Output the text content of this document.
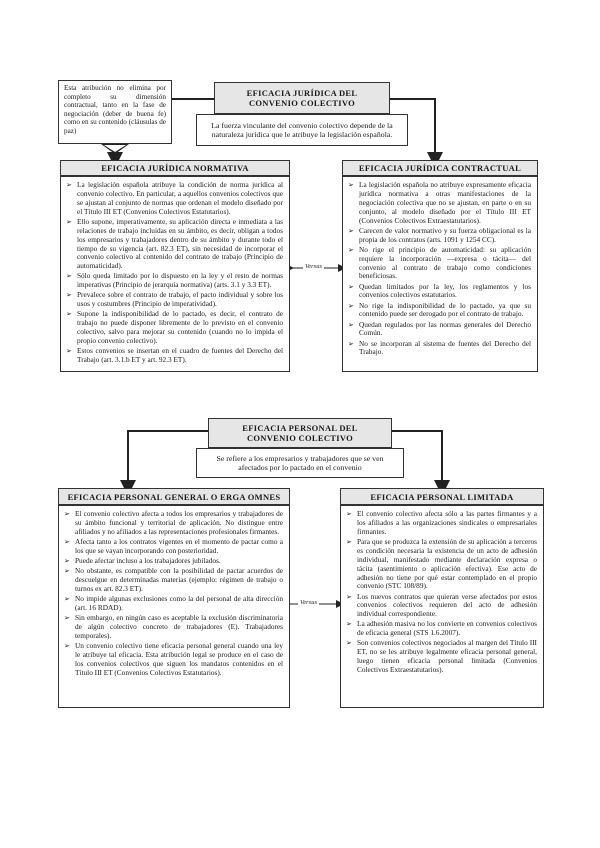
Esta atribución no elimina por completo su dimensión contractual, tanto en la fase de negociación (deber de buena fe) como en su contenido (cláusulas de paz)
EFICACIA JURÍDICA DEL CONVENIO COLECTIVO
La fuerza vinculante del convenio colectivo depende de la naturaleza jurídica que le atribuye la legislación española.
EFICACIA JURÍDICA NORMATIVA
➢ La legislación española atribuye la condición de norma jurídica al convenio colectivo. En particular, a aquellos convenios colectivos que se ajustan al conjunto de normas que ordenan el modelo diseñado por el Título III ET (Convenios Colectivos Estatutarios).
➢ Ello supone, imperativamente, su aplicación directa e inmediata a las relaciones de trabajo incluidas en su ámbito, es decir, obligan a todos los empresarios y trabajadores dentro de su ámbito y durante todo el tiempo de su vigencia (art. 82.3 ET), sin necesidad de incorporar el convenio colectivo al contenido del contrato de trabajo (Principio de automaticidad).
➢ Sólo queda limitado por lo dispuesto en la ley y el resto de normas imperativas (Principio de jerarquía normativa) (arts. 3.1 y 3.3 ET).
➢ Prevalece sobre el contrato de trabajo, el pacto individual y sobre los usos y costumbres (Principio de imperatividad).
➢ Supone la indisponibilidad de lo pactado, es decir, el contrato de trabajo no puede disponer libremente de lo previsto en el convenio colectivo, salvo para mejorar su contenido (cuando no lo impida el propio convenio colectivo).
➢ Estos convenios se insertan en el cuadro de fuentes del Derecho del Trabajo (art. 3.1.b ET y art. 92.3 ET).
EFICACIA JURÍDICA CONTRACTUAL
➢ La legislación española no atribuye expresamente eficacia jurídica normativa a otras manifestaciones de la negociación colectiva que no se ajustan, en parte o en su conjunto, al modelo diseñado por el Título III ET (Convenios Colectivos Extraestatutarios).
➢ Carecen de valor normativo y su fuerza obligacional es la propia de los contratos (arts. 1091 y 1254 CC).
➢ No rige el principio de automaticidad: su aplicación requiere la incorporación —expresa o tácita— del convenio al contrato de trabajo como condiciones beneficiosas.
➢ Quedan limitados por la ley, los reglamentos y los convenios colectivos estatutarios.
➢ No rige la indisponibilidad de lo pactado, ya que su contenido puede ser derogado por el contrato de trabajo.
➢ Quedan regulados por las normas generales del Derecho Común.
➢ No se incorporan al sistema de fuentes del Derecho del Trabajo.
Versus
EFICACIA PERSONAL DEL CONVENIO COLECTIVO
Se refiere a los empresarios y trabajadores que se ven afectados por lo pactado en el convenio
EFICACIA PERSONAL GENERAL O ERGA OMNES
➢ El convenio colectivo afecta a todos los empresarios y trabajadores de su ámbito funcional y territorial de aplicación. No distingue entre afiliados y no afiliados a las representaciones profesionales firmantes.
➢ Afecta tanto a los contratos vigentes en el momento de pactar como a los que se vayan incorporando con posterioridad.
➢ Puede afectar incluso a los trabajadores jubilados.
➢ No obstante, es compatible con la posibilidad de pactar acuerdos de descuelgue en determinadas materias (ejemplo: régimen de trabajo o turnos ex art. 82.3 ET).
➢ No impide algunas exclusiones como la del personal de alta dirección (art. 16 RDAD).
➢ Sin embargo, en ningún caso es aceptable la exclusión discriminatoria de algún colectivo concreto de trabajadores (E). Trabajadores temporales).
➢ Un convenio colectivo tiene eficacia personal general cuando una ley le atribuye tal eficacia. Esta atribución legal se produce en el caso de los convenios colectivos que siguen los mandatos contenidos en el Título III ET (Convenios Colectivos Estatutarios).
EFICACIA PERSONAL LIMITADA
➢ El convenio colectivo afecta sólo a las partes firmantes y a los afiliados a las organizaciones sindicales o empresariales firmantes.
➢ Para que se produzca la extensión de su aplicación a terceros es condición necesaria la existencia de un acto de adhesión individual, manifestado mediante declaración expresa o tácita (asentimiento o aplicación efectiva). Ese acto de adhesión no tiene por qué estar contemplado en el propio convenio (STC 108/89).
➢ Los nuevos contratos que quieran verse afectados por estos convenios colectivos requieren del acto de adhesión individual correspondiente.
➢ La adhesión masiva no los convierte en convenios colectivos de eficacia general (STS 1.6.2007).
➢ Son convenios colectivos negociados al margen del Título III ET, no se les atribuye legalmente eficacia personal general, luego tienen eficacia personal limitada (Convenios Colectivos Extraestatutarios).
Versus
